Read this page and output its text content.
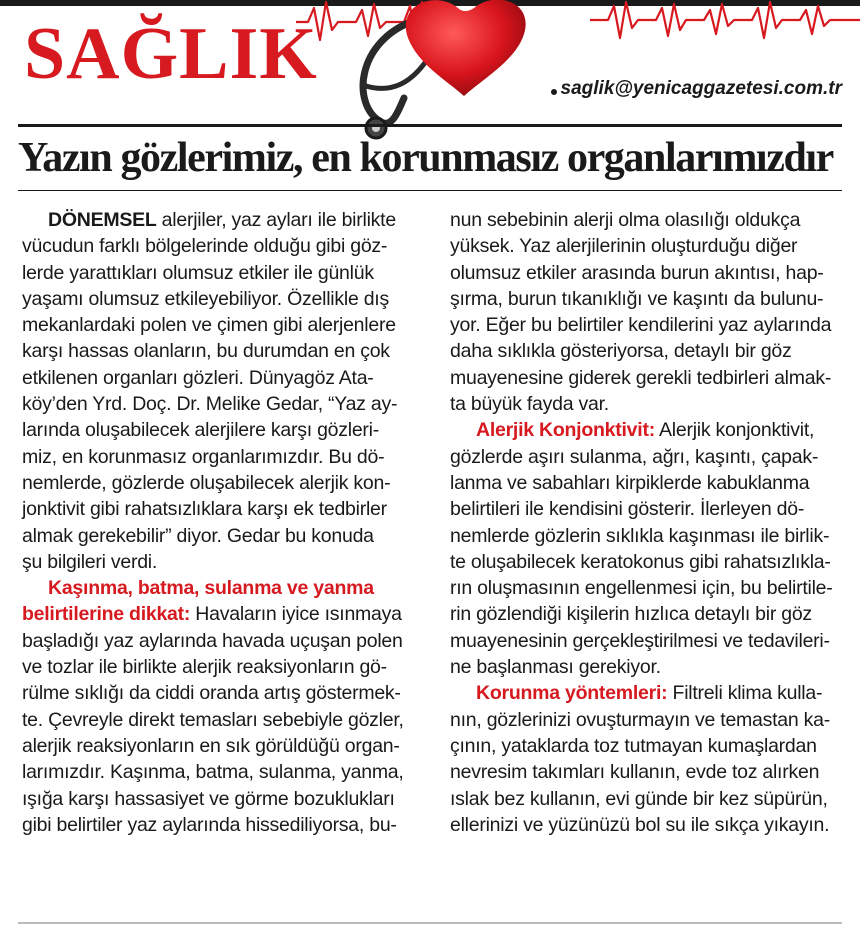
SAĞLIK	saglik@yenicaggazetesi.com.tr
Yazın gözlerimiz, en korunmasız organlarımızdır
DÖNEMSEL alerjiler, yaz ayları ile birlikte
vücudun farklı bölgelerinde olduğu gibi göz-
lerde yarattıkları olumsuz etkiler ile günlük
yaşamı olumsuz etkileyebiliyor. Özellikle dış
mekanlardaki polen ve çimen gibi alerjenlere
karşı hassas olanların, bu durumdan en çok
etkilenen organları gözleri. Dünyagöz Ata-
köy’den Yrd. Doç. Dr. Melike Gedar, “Yaz ay-
larında oluşabilecek alerjilere karşı gözleri-
miz, en korunmasız organlarımızdır. Bu dö-
nemlerde, gözlerde oluşabilecek alerjik kon-
jonktivit gibi rahatsızlıklara karşı ek tedbirler
almak gerekebilir” diyor. Gedar bu konuda
şu bilgileri verdi.
Kaşınma, batma, sulanma ve yanma
belirtilerine dikkat: Havaların iyice ısınmaya
başladığı yaz aylarında havada uçuşan polen
ve tozlar ile birlikte alerjik reaksiyonların gö-
rülme sıklığı da ciddi oranda artış göstermek-
te. Çevreyle direkt temasları sebebiyle gözler,
alerjik reaksiyonların en sık görüldüğü organ-
larımızdır. Kaşınma, batma, sulanma, yanma,
ışığa karşı hassasiyet ve görme bozuklukları
gibi belirtiler yaz aylarında hissediliyorsa, bu-
nun sebebinin alerji olma olasılığı oldukça
yüksek. Yaz alerjilerinin oluşturduğu diğer
olumsuz etkiler arasında burun akıntısı, hap-
şırma, burun tıkanıklığı ve kaşıntı da bulunu-
yor. Eğer bu belirtiler kendilerini yaz aylarında
daha sıklıkla gösteriyorsa, detaylı bir göz
muayenesine giderek gerekli tedbirleri almak-
ta büyük fayda var.
Alerjik Konjonktivit: Alerjik konjonktivit,
gözlerde aşırı sulanma, ağrı, kaşıntı, çapak-
lanma ve sabahları kirpiklerde kabuklanma
belirtileri ile kendisini gösterir. İlerleyen dö-
nemlerde gözlerin sıklıkla kaşınması ile birlik-
te oluşabilecek keratokonus gibi rahatsızlıkla-
rın oluşmasının engellenmesi için, bu belirtile-
rin gözlendiği kişilerin hızlıca detaylı bir göz
muayenesinin gerçekleştirilmesi ve tedavileri-
ne başlanması gerekiyor.
Korunma yöntemleri: Filtreli klima kulla-
nın, gözlerinizi ovuşturmayın ve temastan ka-
çının, yataklarda toz tutmayan kumaşlardan
nevresim takımları kullanın, evde toz alırken
ıslak bez kullanın, evi günde bir kez süpürün,
ellerinizi ve yüzünüzü bol su ile sıkça yıkayın.
